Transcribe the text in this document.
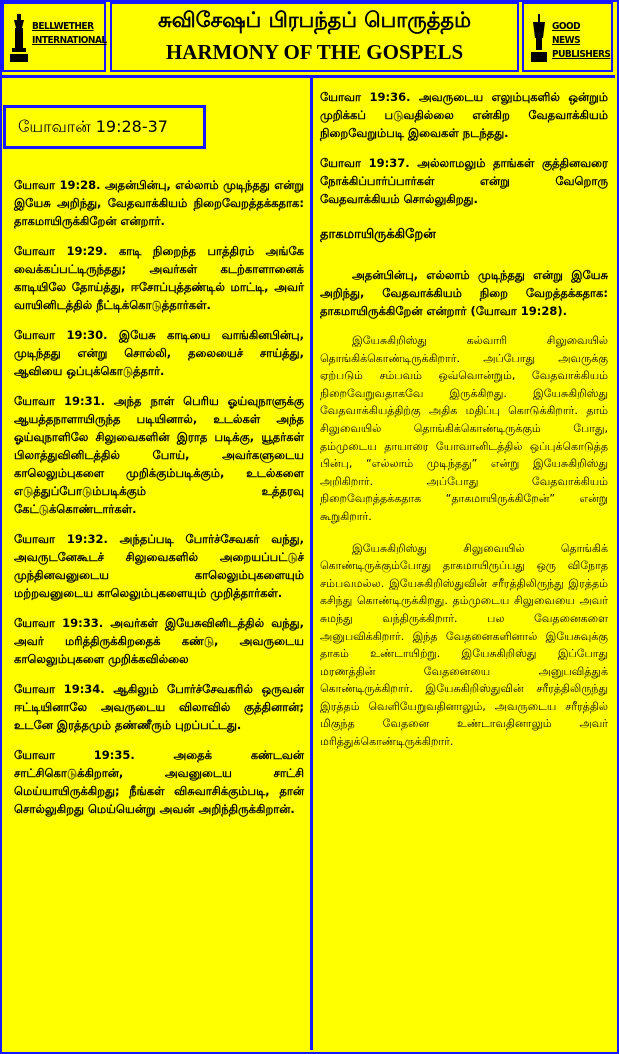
BELLWETHER
INTERNATIONAL
சுவிசேஷப் பிரபந்தப் பொருத்தம்
HARMONY OF THE GOSPELS
GOOD NEWS
PUBLISHERS
யோவான் 19:28-37

யோவா 19:28. அதன்பின்பு, எல்லாம் முடிந்தது என்று இயேசு அறிந்து, வேதவாக்கியம் நிறைவேறத்தக்கதாக: தாகமாயிருக்கிறேன் என்றார்.

யோவா 19:29. காடி நிறைந்த பாத்திரம் அங்கே வைக்கப்பட்டிருந்தது; அவர்கள் கடற்காளானைக் காடியிலே தோய்த்து, ஈசோப்புத்தண்டில் மாட்டி, அவர் வாயினிடத்தில் நீட்டிக்கொடுத்தார்கள்.

யோவா 19:30. இயேசு காடியை வாங்கினபின்பு, முடிந்தது என்று சொல்லி, தலையைச் சாய்த்து, ஆவியை ஒப்புக்கொடுத்தார்.

யோவா 19:31. அந்த நாள் பெரிய ஓய்வுநாளுக்கு ஆயத்தநாளாயிருந்த படியினால், உடல்கள் அந்த ஓய்வுநாளிலே சிலுவைகளின் இராத படிக்கு, யூதர்கள் பிலாத்துவினிடத்தில் போய், அவர்களுடைய காலெலும்புகளை முறிக்கும்படிக்கும், உடல்களை எடுத்துப்போடும்படிக்கும் உத்தரவு கேட்டுக்கொண்டார்கள்.

யோவா 19:32. அந்தப்படி போர்ச்சேவகர் வந்து, அவருடனேகூடச் சிலுவைகளில் அறையப்பட்டுச் முந்தினவனுடைய காலெலும்புகளையும் மற்றவனுடைய காலெலும்புகளையும் முறித்தார்கள்.

யோவா 19:33. அவர்கள் இயேசுவினிடத்தில் வந்து, அவர் மரித்திருக்கிறதைக் கண்டு, அவருடைய காலெலும்புகளை முறிக்கவில்லை

யோவா 19:34. ஆகிலும் போர்ச்சேவகரில் ஒருவன் ஈட்டியினாலே அவருடைய விலாவில் குத்தினான்; உடனே இரத்தமும் தண்ணீரும் புறப்பட்டது.

யோவா 19:35. அதைக் கண்டவன் சாட்சிகொடுக்கிறான், அவனுடைய சாட்சி மெய்யாயிருக்கிறது; நீங்கள் விசுவாசிக்கும்படி, தான் சொல்லுகிறது மெய்யென்று அவன் அறிந்திருக்கிறான்.

யோவா 19:36. அவருடைய எலும்புகளில் ஒன்றும் முறிக்கப் படுவதில்லை என்கிற வேதவாக்கியம் நிறைவேறும்படி இவைகள் நடந்தது.

யோவா 19:37. அல்லாமலும் தாங்கள் குத்தினவரை நோக்கிப்பார்ப்பார்கள் என்று வேறொரு வேதவாக்கியம் சொல்லுகிறது.

தாகமாயிருக்கிறேன்

அதன்பின்பு, எல்லாம் முடிந்தது என்று இயேசு அறிந்து, வேதவாக்கியம் நிறை வேறத்தக்கதாக: தாகமாயிருக்கிறேன் என்றார் (யோவா 19:28).

இயேசுகிறிஸ்து கல்வாரி சிலுவையில் தொங்கிக்கொண்டிருக்கிறார். அப்போது அவருக்கு ஏற்படும் சம்பவம் ஒவ்வொன்றும், வேதவாக்கியம் நிறைவேறுவதாகவே இருக்கிறது. இயேசுகிறிஸ்து வேதவாக்கியத்திற்கு அதிக மதிப்பு கொடுக்கிறார். தாம் சிலுவையில் தொங்கிக்கொண்டிருக்கும் போது, தம்முடைய தாயாரை யோவானிடத்தில் ஒப்புக்கொடுத்த பின்பு, “எல்லாம் முடிந்தது” என்று இயேசுகிறிஸ்து அறிகிறார். அப்போது வேதவாக்கியம் நிறைவேறத்தக்கதாக “தாகமாயிருக்கிறேன்” என்று கூறுகிறார்.

இயேசுகிறிஸ்து சிலுவையில் தொங்கிக் கொண்டிருக்கும்போது தாகமாயிருப்பது ஒரு விநோத சம்பவமல்ல. இயேசுகிறிஸ்துவின் சரீரத்திலிருந்து இரத்தம் கசிந்து கொண்டிருக்கிறது. தம்முடைய சிலுவையை அவர் சுமந்து வந்திருக்கிறார். பல வேதனைகளை அனுபவிக்கிறார். இந்த வேதனைகளினால் இயேசுவுக்கு தாகம் உண்டாயிற்று. இயேசுகிறிஸ்து இப்போது மரணத்தின் வேதனையை அனுபவித்துக் கொண்டிருக்கிறார். இயேசுகிறிஸ்துவின் சரீரத்திலிருந்து இரத்தம் வெளியேறுவதினாலும், அவருடைய சரீரத்தில் மிகுந்த வேதனை உண்டாவதினாலும் அவர் மரித்துக்கொண்டிருக்கிறார்.
